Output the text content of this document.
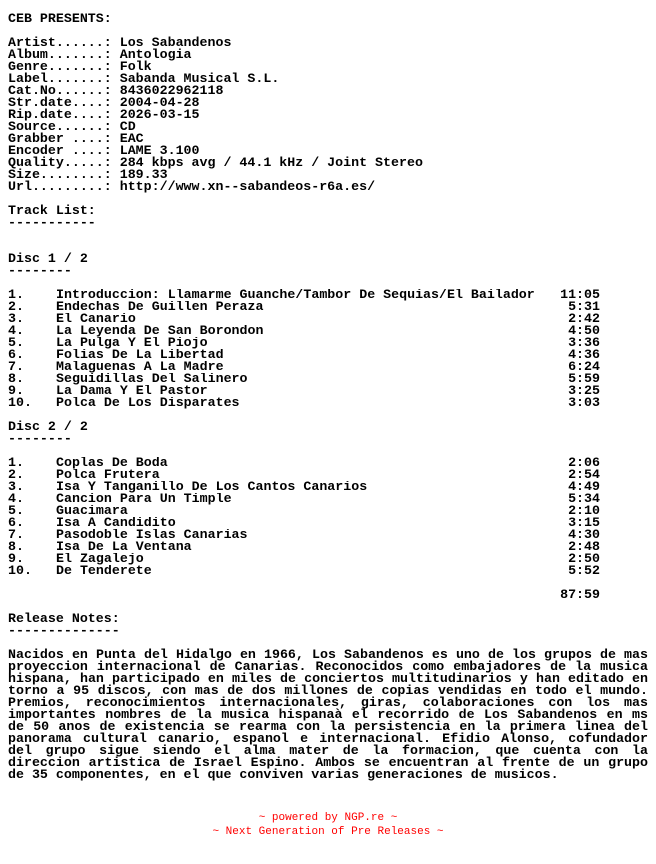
CEB PRESENTS:
Artist......: Los Sabandenos
Album.......: Antologia
Genre.......: Folk
Label.......: Sabanda Musical S.L.
Cat.No......: 8436022962118
Str.date....: 2004-04-28
Rip.date....: 2026-03-15
Source......: CD
Grabber ....: EAC
Encoder ....: LAME 3.100
Quality.....: 284 kbps avg / 44.1 kHz / Joint Stereo
Size........: 189.33
Url.........: http://www.xn--sabandeos-r6a.es/
Track List:
-----------
Disc 1 / 2
--------
1.	Introduccion: Llamarme Guanche/Tambor De Sequias/El Bailador	11:05
2.	Endechas De Guillen Peraza	5:31
3.	El Canario	2:42
4.	La Leyenda De San Borondon	4:50
5.	La Pulga Y El Piojo	3:36
6.	Folias De La Libertad	4:36
7.	Malaguenas A La Madre	6:24
8.	Seguidillas Del Salinero	5:59
9.	La Dama Y El Pastor	3:25
10.	Polca De Los Disparates	3:03
Disc 2 / 2
--------
1.	Coplas De Boda	2:06
2.	Polca Frutera	2:54
3.	Isa Y Tanganillo De Los Cantos Canarios	4:49
4.	Cancion Para Un Timple	5:34
5.	Guacimara	2:10
6.	Isa A Candidito	3:15
7.	Pasodoble Islas Canarias	4:30
8.	Isa De La Ventana	2:48
9.	El Zagalejo	2:50
10.	De Tenderete	5:52
87:59
Release Notes:
--------------
Nacidos en Punta del Hidalgo en 1966, Los Sabandenos es uno de los grupos de mas
proyeccion internacional de Canarias. Reconocidos como embajadores de la musica
hispana, han participado en miles de conciertos multitudinarios y han editado en
torno a 95 discos, con mas de dos millones de copias vendidas en todo el mundo.
Premios, reconocimientos internacionales, giras, colaboraciones con los mas
importantes nombres de la musica hispanaà el recorrido de Los Sabandenos en ms
de 50 anos de existencia se rearma con la persistencia en la primera linea del
panorama cultural canario, espanol e internacional. Efidio Alonso, cofundador
del grupo sigue siendo el alma mater de la formacion, que cuenta con la
direccion artistica de Israel Espino. Ambos se encuentran al frente de un grupo
de 35 componentes, en el que conviven varias generaciones de musicos.
~ powered by NGP.re ~
~ Next Generation of Pre Releases ~
